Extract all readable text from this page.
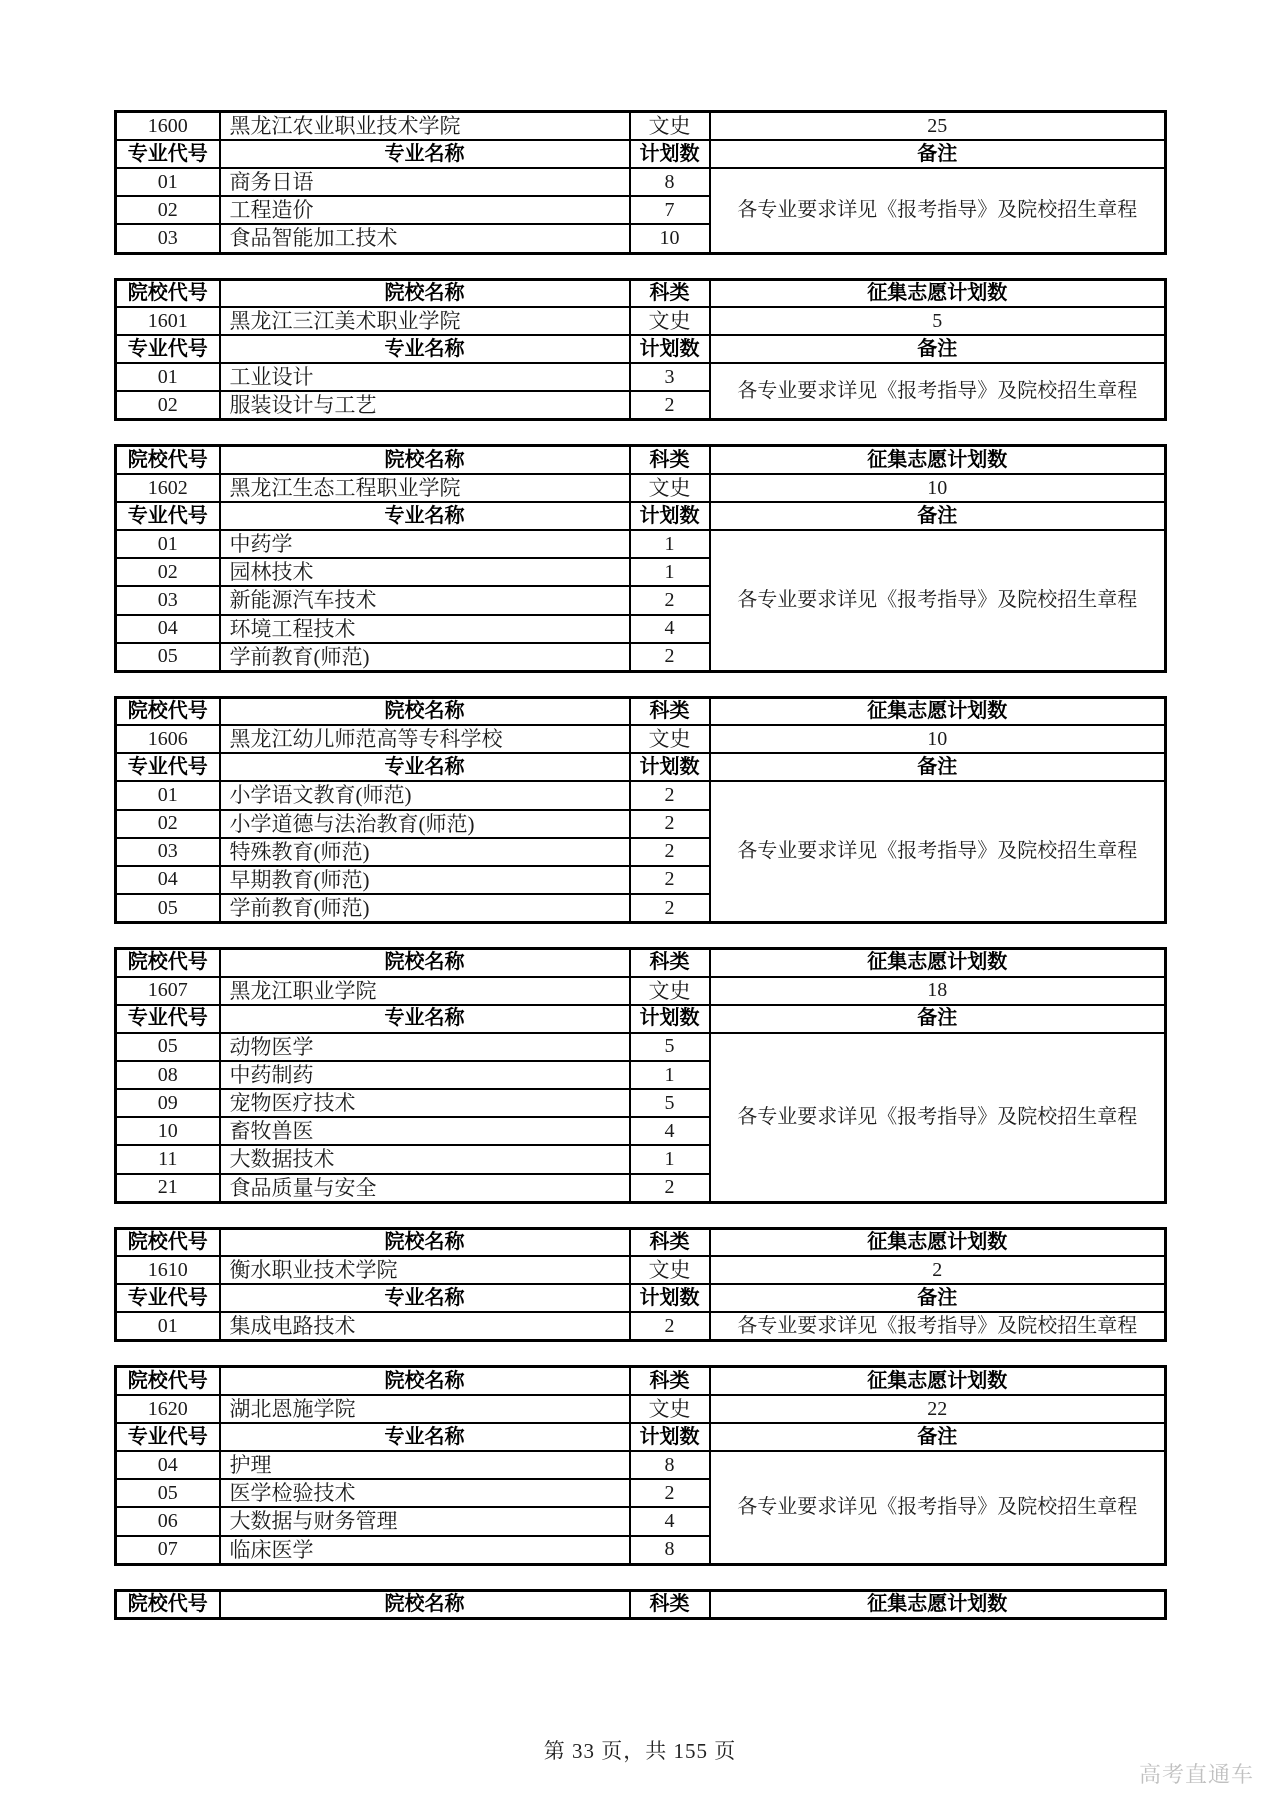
1600	黑龙江农业职业技术学院	文史	25
专业代号	专业名称	计划数	备注
01	商务日语	8	各专业要求详见《报考指导》及院校招生章程
02	工程造价	7	
03	食品智能加工技术	10	
院校代号	院校名称	科类	征集志愿计划数
1601	黑龙江三江美术职业学院	文史	5
专业代号	专业名称	计划数	备注
01	工业设计	3	各专业要求详见《报考指导》及院校招生章程
02	服装设计与工艺	2	
院校代号	院校名称	科类	征集志愿计划数
1602	黑龙江生态工程职业学院	文史	10
专业代号	专业名称	计划数	备注
01	中药学	1	各专业要求详见《报考指导》及院校招生章程
02	园林技术	1	
03	新能源汽车技术	2	
04	环境工程技术	4	
05	学前教育(师范)	2	
院校代号	院校名称	科类	征集志愿计划数
1606	黑龙江幼儿师范高等专科学校	文史	10
专业代号	专业名称	计划数	备注
01	小学语文教育(师范)	2	各专业要求详见《报考指导》及院校招生章程
02	小学道德与法治教育(师范)	2	
03	特殊教育(师范)	2	
04	早期教育(师范)	2	
05	学前教育(师范)	2	
院校代号	院校名称	科类	征集志愿计划数
1607	黑龙江职业学院	文史	18
专业代号	专业名称	计划数	备注
05	动物医学	5	各专业要求详见《报考指导》及院校招生章程
08	中药制药	1	
09	宠物医疗技术	5	
10	畜牧兽医	4	
11	大数据技术	1	
21	食品质量与安全	2	
院校代号	院校名称	科类	征集志愿计划数
1610	衡水职业技术学院	文史	2
专业代号	专业名称	计划数	备注
01	集成电路技术	2	各专业要求详见《报考指导》及院校招生章程
院校代号	院校名称	科类	征集志愿计划数
1620	湖北恩施学院	文史	22
专业代号	专业名称	计划数	备注
04	护理	8	各专业要求详见《报考指导》及院校招生章程
05	医学检验技术	2	
06	大数据与财务管理	4	
07	临床医学	8	
院校代号	院校名称	科类	征集志愿计划数
第 33 页，共 155 页
高考直通车
